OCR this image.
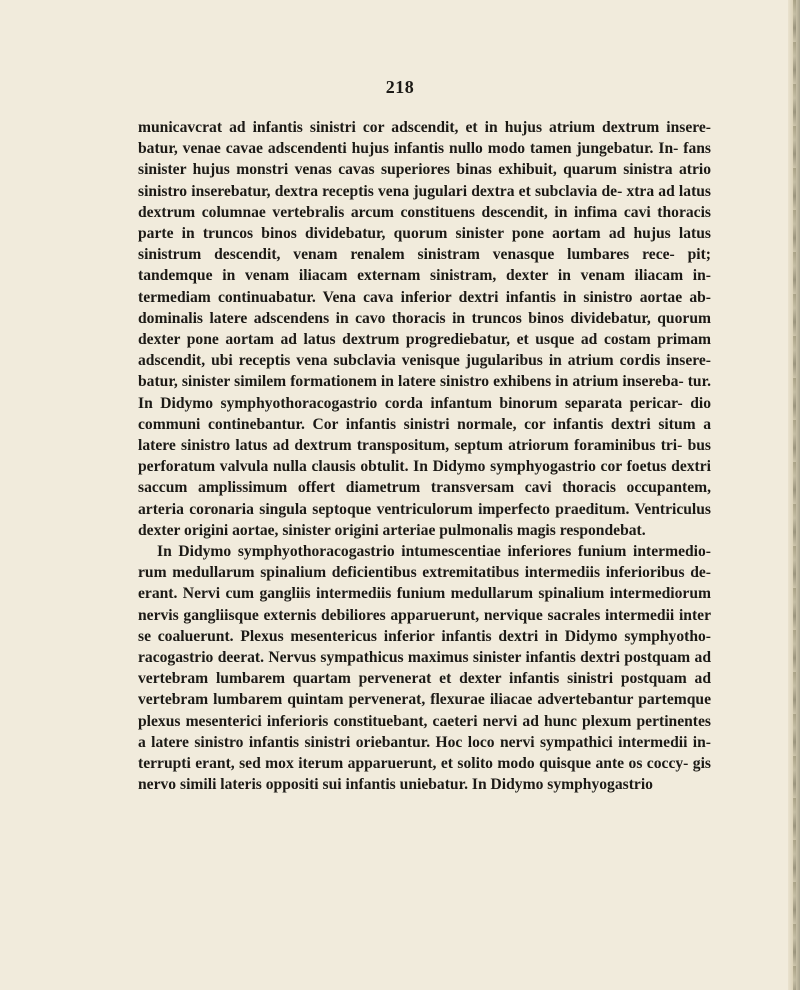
218

municavcrat ad infantis sinistri cor adscendit, et in hujus atrium dextrum insere- batur, venae cavae adscendenti hujus infantis nullo modo tamen jungebatur. In- fans sinister hujus monstri venas cavas superiores binas exhibuit, quarum sinistra atrio sinistro inserebatur, dextra receptis vena jugulari dextra et subclavia de- xtra ad latus dextrum columnae vertebralis arcum constituens descendit, in infima cavi thoracis parte in truncos binos dividebatur, quorum sinister pone aortam ad hujus latus sinistrum descendit, venam renalem sinistram venasque lumbares rece- pit; tandemque in venam iliacam externam sinistram, dexter in venam iliacam in- termediam continuabatur. Vena cava inferior dextri infantis in sinistro aortae ab- dominalis latere adscendens in cavo thoracis in truncos binos dividebatur, quorum dexter pone aortam ad latus dextrum progrediebatur, et usque ad costam primam adscendit, ubi receptis vena subclavia venisque jugularibus in atrium cordis insere- batur, sinister similem formationem in latere sinistro exhibens in atrium insereba- tur. In Didymo symphyothoracogastrio corda infantum binorum separata pericar- dio communi continebantur. Cor infantis sinistri normale, cor infantis dextri situm a latere sinistro latus ad dextrum transpositum, septum atriorum foraminibus tri- bus perforatum valvula nulla clausis obtulit. In Didymo symphyogastrio cor foetus dextri saccum amplissimum offert diametrum transversam cavi thoracis occupantem, arteria coronaria singula septoque ventriculorum imperfecto praeditum. Ventriculus dexter origini aortae, sinister origini arteriae pulmonalis magis respondebat.

In Didymo symphyothoracogastrio intumescentiae inferiores funium intermedio- rum medullarum spinalium deficientibus extremitatibus intermediis inferioribus de- erant. Nervi cum gangliis intermediis funium medullarum spinalium intermediorum nervis gangliisque externis debiliores apparuerunt, nervique sacrales intermedii inter se coaluerunt. Plexus mesentericus inferior infantis dextri in Didymo symphyotho- racogastrio deerat. Nervus sympathicus maximus sinister infantis dextri postquam ad vertebram lumbarem quartam pervenerat et dexter infantis sinistri postquam ad vertebram lumbarem quintam pervenerat, flexurae iliacae advertebantur partemque plexus mesenterici inferioris constituebant, caeteri nervi ad hunc plexum pertinentes a latere sinistro infantis sinistri oriebantur. Hoc loco nervi sympathici intermedii in- terrupti erant, sed mox iterum apparuerunt, et solito modo quisque ante os coccy- gis nervo simili lateris oppositi sui infantis uniebatur. In Didymo symphyogastrio
